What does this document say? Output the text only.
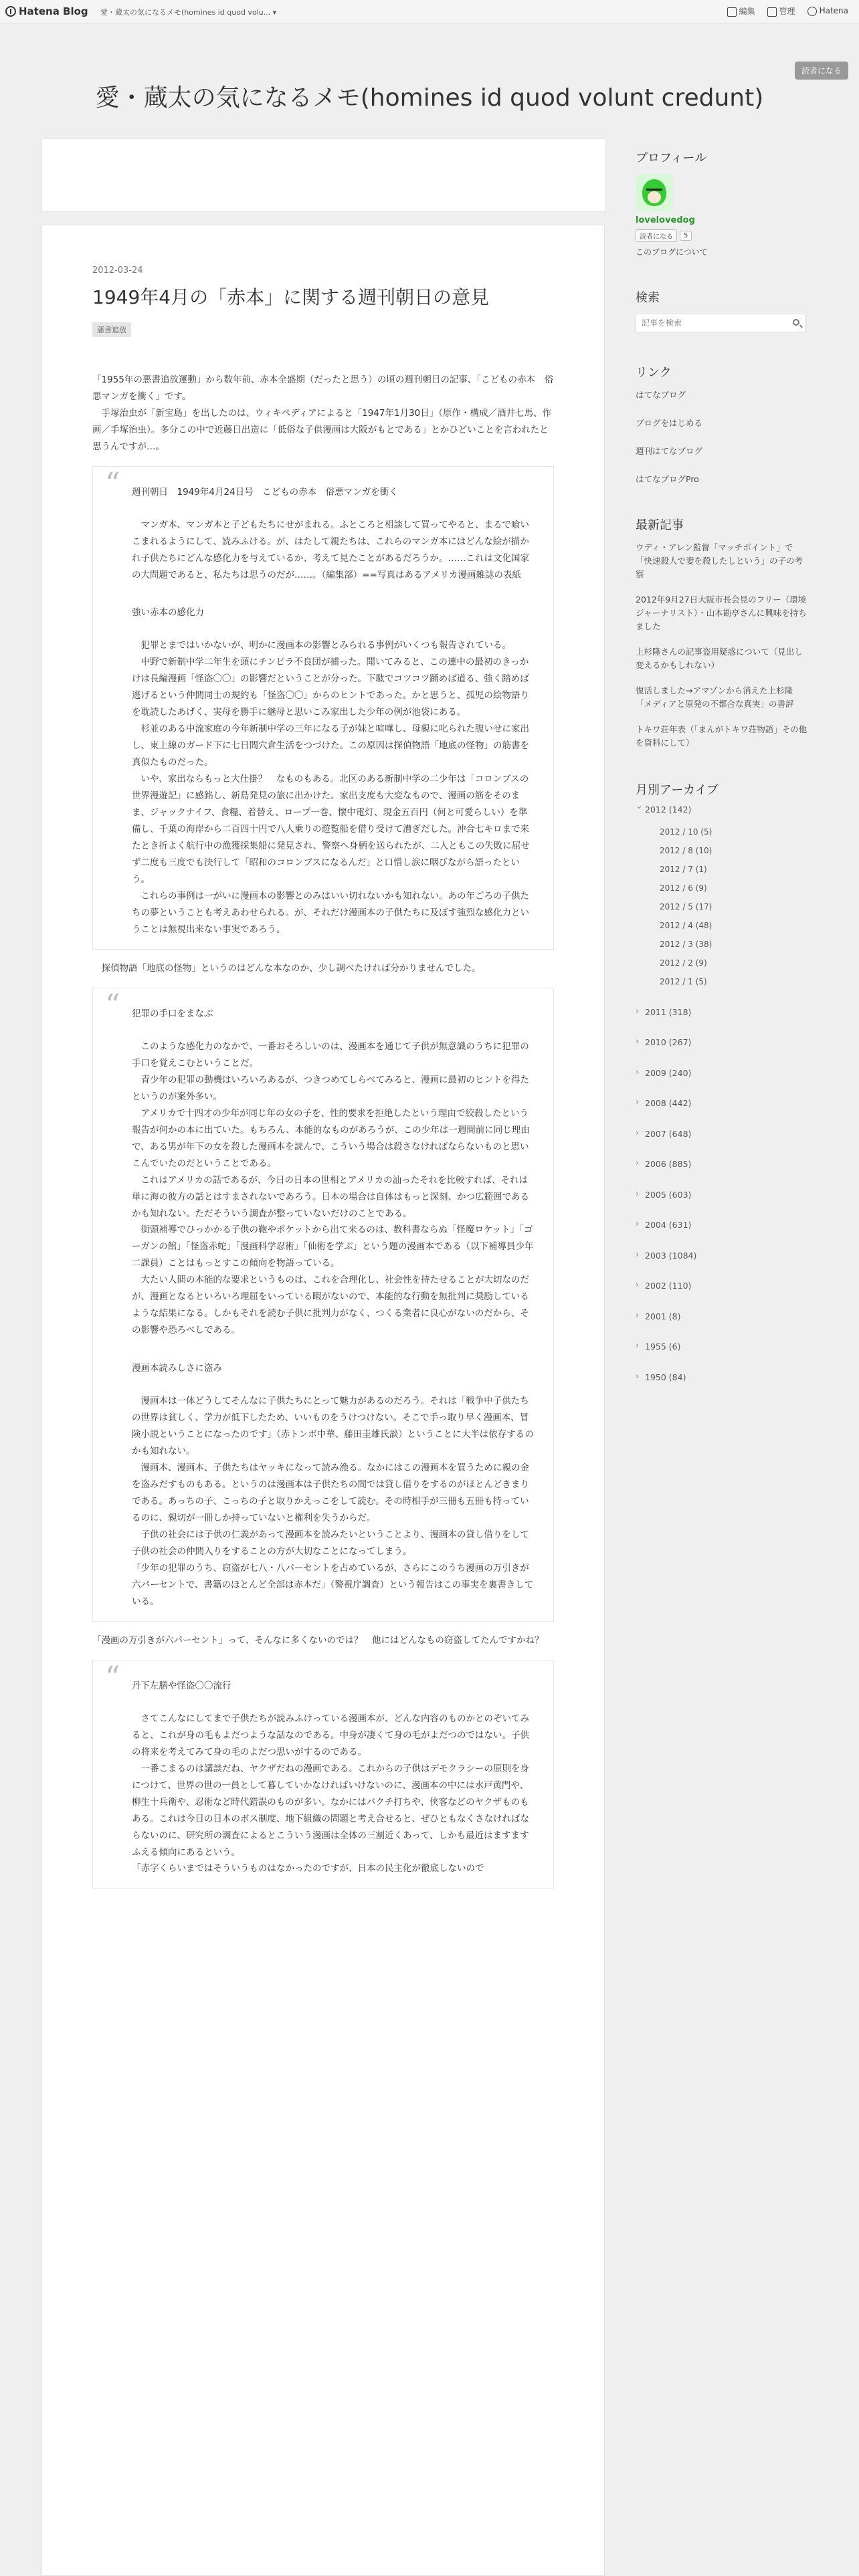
Hatena Blog 愛・蔵太の気になるメモ(homines id quod volu... ▾	編集	管理	Hatena
愛・蔵太の気になるメモ(homines id quod volunt credunt)
読者になる
2012-03-24
1949年4月の「赤本」に関する週刊朝日の意見
悪書追放

「1955年の悪書追放運動」から数年前、赤本全盛期（だったと思う）の頃の週刊朝日の記事、「こどもの赤本　俗悪マンガを衝く」です。

　手塚治虫が「新宝島」を出したのは、ウィキペディアによると「1947年1月30日」（原作・構成／酒井七馬、作画／手塚治虫）。多分この中で近藤日出造に「低俗な子供漫画は大阪がもとである」とかひどいことを言われたと思うんですが…。

“ 週刊朝日　1949年4月24日号　こどもの赤本　俗悪マンガを衝く

　マンガ本、マンガ本と子どもたちにせがまれる。ふところと相談して買ってやると、まるで喰いこまれるようにして、読みふける。が、はたして親たちは、これらのマンガ本にはどんな絵が描かれ子供たちにどんな感化力を与えているか、考えて見たことがあるだろうか。……これは文化国家の大問題であると、私たちは思うのだが……。（編集部）==写真はあるアメリカ漫画雑誌の表紙

強い赤本の感化力

　犯罪とまではいかないが、明かに漫画本の影響とみられる事例がいくつも報告されている。

　中野で新制中学二年生を頭にチンピラ不良団が捕った。聞いてみると、この連中の最初のきっかけは長編漫画「怪盗〇〇」の影響だということが分った。下駄でコツコツ踊めば道る、強く踏めば逃げるという仲間同士の規約も「怪盗〇〇」からのヒントであった。かと思うと、孤児の絵物語りを耽読したあげく、実母を勝手に継母と思いこみ家出した少年の例が池袋にある。

　杉並のある中流家庭の今年新制中学の三年になる子が妹と喧嘩し、母親に叱られた腹いせに家出し、東上線のガード下に七日間穴倉生活をつづけた。この原因は探偵物語「地底の怪物」の筋書を真似たものだった。

　いや、家出ならもっと大仕掛？　なものもある。北区のある新制中学の二少年は「コロンブスの世界漫遊記」に感銘し、新島発見の旅に出かけた。家出支度も大変なもので、漫画の筋をそのまま、ジャックナイフ、食糧、着替え、ロープ一巻、懐中電灯、現金五百円（何と可愛らしい）を準備し、千葉の海岸から二百四十円で八人乗りの遊覧船を借り受けて漕ぎだした。沖合七キロまで来たとき折よく航行中の漁獲採集船に発見され、警察へ身柄を送られたが、二人ともこの失敗に屈せず二度も三度でも決行して「昭和のコロンブスになるんだ」と口惜し涙に咽びながら語ったという。

　これらの事例は一がいに漫画本の影響とのみはいい切れないかも知れない。あの年ごろの子供たちの夢ということも考えあわせられる。が、それだけ漫画本の子供たちに及ぼす強烈な感化力ということは無視出来ない事実であろう。

　探偵物語「地底の怪物」というのはどんな本なのか、少し調べたければ分かりませんでした。

“ 犯罪の手口をまなぶ

　このような感化力のなかで、一番おそろしいのは、漫画本を通じて子供が無意識のうちに犯罪の手口を覚えこむということだ。

　青少年の犯罪の動機はいろいろあるが、つきつめてしらべてみると、漫画に最初のヒントを得たというのが案外多い。

　アメリカで十四才の少年が同じ年の女の子を、性的要求を拒絶したという理由で絞殺したという報告が何かの本に出ていた。もちろん、本能的なものがあろうが、この少年は一週間前に同じ理由で、ある男が年下の女を殺した漫画本を読んで、こういう場合は殺さなければならないものと思いこんでいたのだということである。

　これはアメリカの話であるが、今日の日本の世相とアメリカの汕ったそれを比較すれば、それは単に海の彼方の話とはすまされないであろう。日本の場合は自体はもっと深刻、かつ広範囲であるかも知れない。ただそういう調査が整っていないだけのことである。

　街頭補導でひっかかる子供の鞄やポケットから出て来るのは、教科書ならぬ「怪魔ロケット」「ゴーガンの館」「怪盗赤蛇」「漫画科学忍術」「仙術を学ぶ」という題の漫画本である（以下補導員少年二課員）ことはもっとすこの傾向を物語っている。

　大たい人間の本能的な要求というものは、これを合理化し、社会性を持たせることが大切なのだが、漫画となるといろいろ理屈をいっている暇がないので、本能的な行動を無批判に奨励しているような結果になる。しかもそれを読む子供に批判力がなく、つくる業者に良心がないのだから、その影響や恐ろべしである。

漫画本読みしさに盗み

　漫画本は一体どうしてそんなに子供たちにとって魅力があるのだろう。それは「戦争中子供たちの世界は貧しく、学力が低下したため、いいものをうけつけない。そこで手っ取り早く漫画本、冒険小説ということになったのです」（赤トンボ中華、藤田圭雄氏談）ということに大半は依存するのかも知れない。

　漫画本、漫画本、子供たちはヤッキになって読み漁る。なかにはこの漫画本を買うために親の金を盗みだすものもある。というのは漫画本は子供たちの間では貸し借りをするのがほとんどきまりである。あっちの子、こっちの子と取りかえっこをして読む。その時相手が三冊も五冊も持っているのに、親切が一冊しか持っていないと権利を失うからだ。

　子供の社会には子供の仁義があって漫画本を読みたいということより、漫画本の貸し借りをして子供の社会の仲間入りをすることの方が大切なことになってしまう。

「少年の犯罪のうち、窃盗が七八・八パーセントを占めているが、さらにこのうち漫画の万引きが六パーセントで、書籍のほとんど全部は赤本だ」（警視庁調査）という報告はこの事実を裏書きしている。

「漫画の万引きが六パーセント」って、そんなに多くないのでは？　他にはどんなもの窃盗してたんですかね？

“ 丹下左膳や怪盗〇〇流行

　さてこんなにしてまで子供たちが読みふけっている漫画本が、どんな内容のものかとのぞいてみると、これが身の毛もよだつような話なのである。中身が凄くて身の毛がよだつのではない。子供の将来を考えてみて身の毛のよだつ思いがするのである。

　一番こまるのは講談だね、ヤクザだねの漫画である。これからの子供はデモクラシーの原則を身につけて、世界の世の一員として暮していかなければいけないのに、漫画本の中には水戸黄門や、柳生十兵衛や、忍術など時代錯誤のものが多い。なかにはバクチ打ちや、侠客などのヤクザものもある。これは今日の日本のボス制度、地下組織の問題と考え合せると、ぜひともなくさなければならないのに、研究所の調査によるとこういう漫画は全体の三割近くあって、しかも最近はますますふえる傾向にあるという。

「赤字くらいまではそういうものはなかったのですが、日本の民主化が徹底しないので

プロフィール
lovelovedog
読者になる	5
このブログについて
検索
記事を検索
リンク
はてなブログ
ブログをはじめる
週刊はてなブログ
はてなブログPro
最新記事
ウディ・アレン監督「マッチポイント」で「快速殺人で妻を殺したしという」の子の考察
2012年9月27日大阪市長会見のフリー（環境ジャーナリスト）・山本勘亭さんに興味を持ちました
上杉隆さんの記事盗用疑惑について（見出し変えるかもしれない）
復活しました→アマゾンから消えた上杉隆「メディアと原発の不都合な真実」の書評
トキワ荘年表（「まんがトキワ荘物語」その他を資料にして）
月別アーカイブ
⌄ 2012 (142)
2012 / 10 (5)
2012 / 8 (10)
2012 / 7 (1)
2012 / 6 (9)
2012 / 5 (17)
2012 / 4 (48)
2012 / 3 (38)
2012 / 2 (9)
2012 / 1 (5)
› 2011 (318)
› 2010 (267)
› 2009 (240)
› 2008 (442)
› 2007 (648)
› 2006 (885)
› 2005 (603)
› 2004 (631)
› 2003 (1084)
› 2002 (110)
› 2001 (8)
› 1955 (6)
› 1950 (84)
